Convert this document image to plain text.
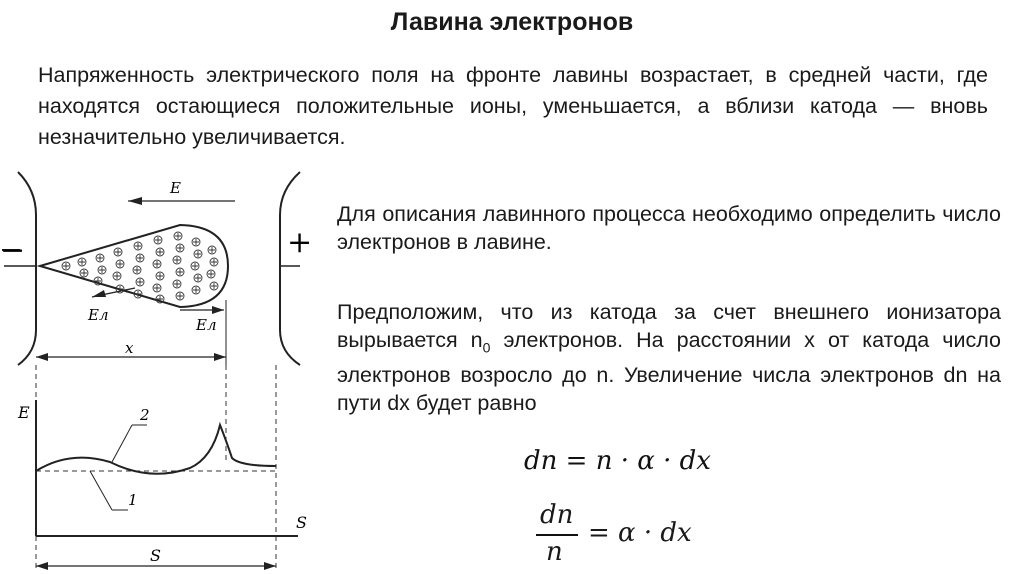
Лавина электронов
Напряженность электрического поля на фронте лавины возрастает, в средней части, где находятся остающиеся положительные ионы, уменьшается, а вблизи катода — вновь незначительно увеличивается.
−	+
E
Eл
Eл
x
E
S
2
1
S
Для описания лавинного процесса необходимо определить число электронов в лавине.
Предположим, что из катода за счет внешнего ионизатора вырывается $n_0$ электронов. На расстоянии x от катода число электронов возросло до n. Увеличение числа электронов dn на пути dx будет равно
dn = n · α · dx
dn
n
= α · dx
